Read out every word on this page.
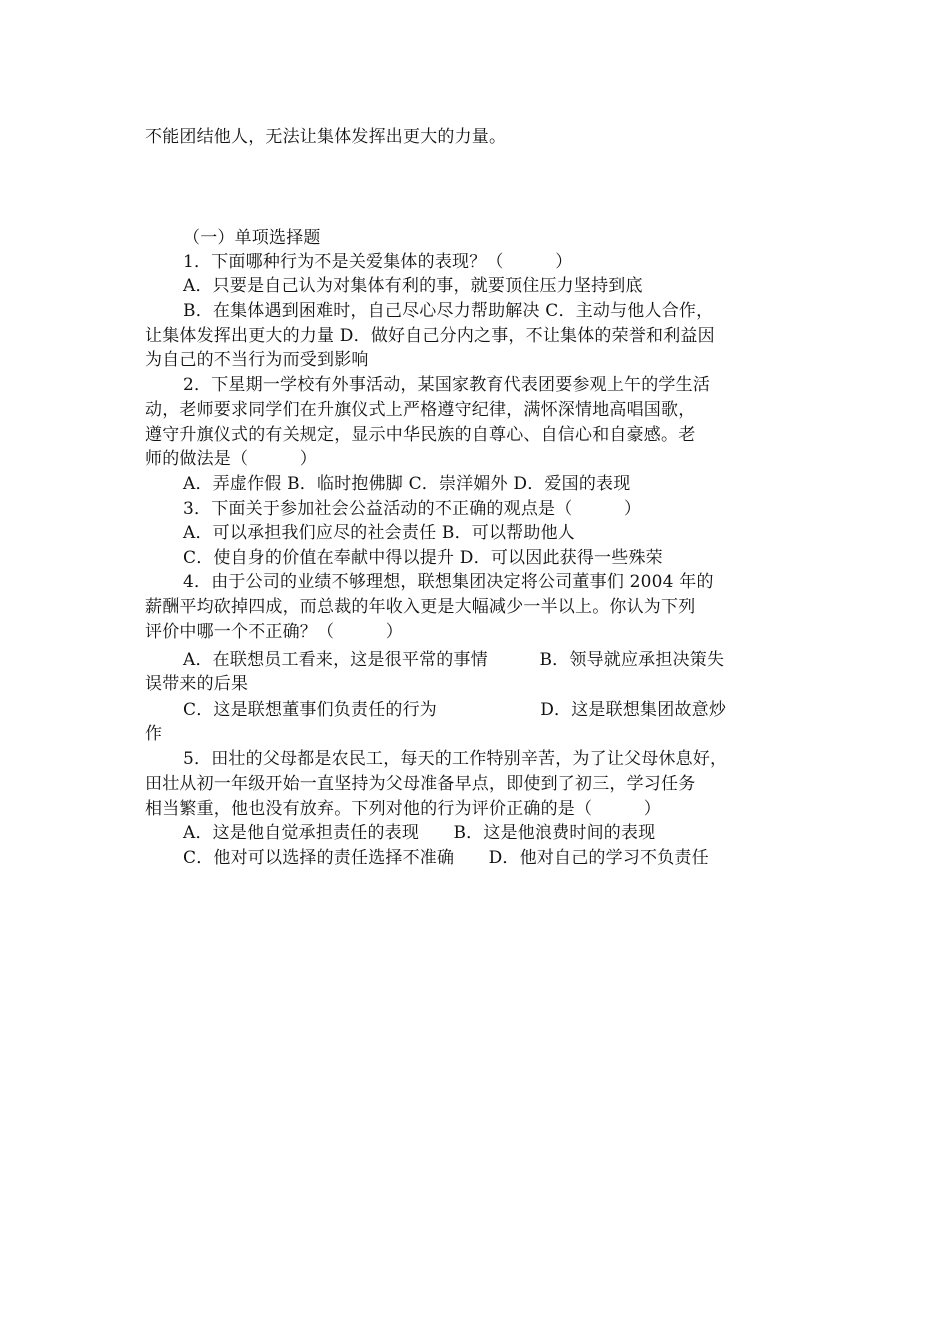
不能团结他人，无法让集体发挥出更大的力量。
（一）单项选择题
1．下面哪种行为不是关爱集体的表现？（　　　）
A．只要是自己认为对集体有利的事，就要顶住压力坚持到底
B．在集体遇到困难时，自己尽心尽力帮助解决 C．主动与他人合作，
让集体发挥出更大的力量 D．做好自己分内之事，不让集体的荣誉和利益因
为自己的不当行为而受到影响
2．下星期一学校有外事活动，某国家教育代表团要参观上午的学生活
动，老师要求同学们在升旗仪式上严格遵守纪律，满怀深情地高唱国歌，
遵守升旗仪式的有关规定，显示中华民族的自尊心、自信心和自豪感。老
师的做法是（　　　）
A．弄虚作假 B．临时抱佛脚 C．崇洋媚外 D．爱国的表现
3．下面关于参加社会公益活动的不正确的观点是（　　　）
A．可以承担我们应尽的社会责任 B．可以帮助他人
C．使自身的价值在奉献中得以提升 D．可以因此获得一些殊荣
4．由于公司的业绩不够理想，联想集团决定将公司董事们 2004 年的
薪酬平均砍掉四成，而总裁的年收入更是大幅减少一半以上。你认为下列
评价中哪一个不正确？（　　　）
A．在联想员工看来，这是很平常的事情　　　B．领导就应承担决策失
误带来的后果
C．这是联想董事们负责任的行为　　　　　　D．这是联想集团故意炒
作
5．田壮的父母都是农民工，每天的工作特别辛苦，为了让父母休息好，
田壮从初一年级开始一直坚持为父母准备早点，即使到了初三，学习任务
相当繁重，他也没有放弃。下列对他的行为评价正确的是（　　　）
A．这是他自觉承担责任的表现　　B．这是他浪费时间的表现
C．他对可以选择的责任选择不准确　　D．他对自己的学习不负责任
